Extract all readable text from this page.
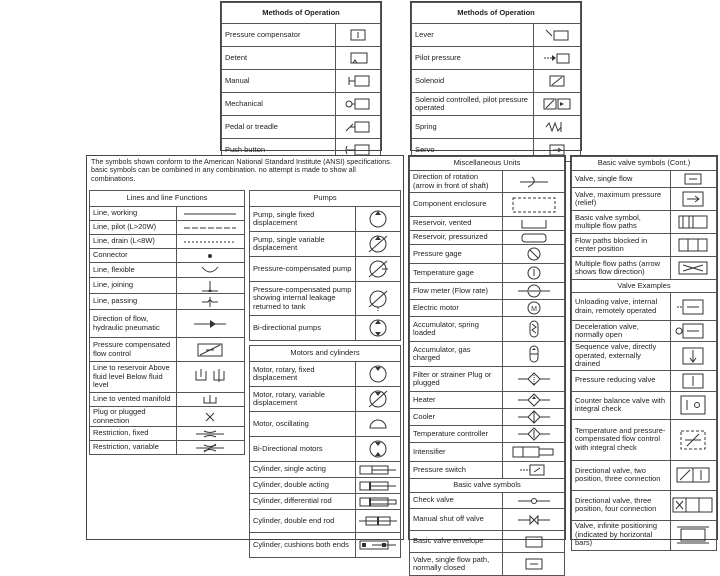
Methods of Operation	
Pressure compensator	

Detent	

Manual	

Mechanical	

Pedal or treadle	

Push button	
Methods of Operation	
Lever	

Pilot pressure	

Solenoid	

Solenoid controlled, pilot pressure operated	

Spring	

Servo	
The symbols shown conform to the American National Standard Institute (ANSI) specifications. basic symbols can be combined in any combination. no attempt is made to show all combinations.
Lines and line Functions	
Line, working	

Line, pilot (L>20W)	

Line, drain (L<8W)	

Connector	

Line, flexible	

Line, joining	

Line, passing	

Direction of flow, hydraulic pneumatic	

Pressure compensated flow control	

Line to reservoir Above fluid level Below fluid level	

Line to vented manifold	

Plug or plugged connection	

Restriction, fixed	

Restriction, variable	
Pumps	
Pump, single fixed displacement	

Pump, single variable displacement	

Pressure-compensated pump	

Pressure-compensated pump showing internal leakage returned to tank	

Bi-directional pumps	
Motors and cylinders	
Motor, rotary, fixed displacement	

Motor, rotary, variable displacement	

Motor, oscillating	

Bi-Directional motors	

Cylinder, single acting	

Cylinder, double acting	

Cylinder, differential rod	

Cylinder, double end rod	

Cylinder, cushions both ends	
Miscellaneous Units	
Direction of rotation (arrow in front of shaft)	

Component enclosure	

Reservoir, vented	

Reservoir, pressurized	

Pressure gage	

Temperature gage	

Flow meter (Flow rate)	

Electric motor	M

Accumulator, spring loaded	

Accumulator, gas charged	

Filter or strainer Plug or plugged	

Heater	

Cooler	

Temperature controller	

Intensifier	

Pressure switch	

Basic valve symbols	
Check valve	

Manual shut off valve	

Basic valve envelope	

Valve, single flow path, normally closed	
Basic valve symbols (Cont.)	
Valve, single flow	

Valve, maximum pressure (relief)	

Basic valve symbol, multiple flow paths	

Flow paths blocked in center position	

Multiple flow paths (arrow shows flow direction)	

Valve Examples	
Unloading valve, internal drain, remotely operated	

Deceleration valve, normally open	

Sequence valve, directly operated, externally drained	

Pressure reducing valve	

Counter balance valve with integral check	

Temperature and pressure-compensated flow control with integral check	

Directional valve, two position, three connection	

Directional valve, three position, four connection	

Valve, infinite positioning (indicated by horizontal bars)	
